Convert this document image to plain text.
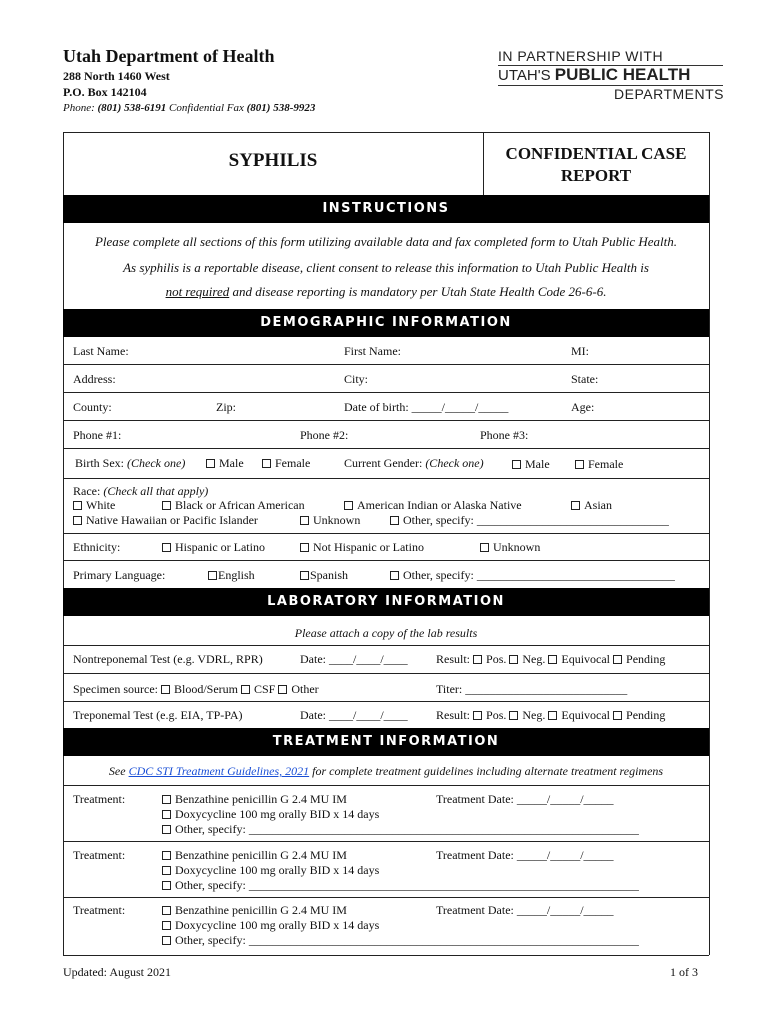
Utah Department of Health
288 North 1460 West
P.O. Box 142104
Phone: (801) 538-6191 Confidential Fax (801) 538-9923
IN PARTNERSHIP WITH
UTAH'S PUBLIC HEALTH
DEPARTMENTS
SYPHILIS	CONFIDENTIAL CASE REPORT
INSTRUCTIONS
Please complete all sections of this form utilizing available data and fax completed form to Utah Public Health.
As syphilis is a reportable disease, client consent to release this information to Utah Public Health is
not required and disease reporting is mandatory per Utah State Health Code 26-6-6.
DEMOGRAPHIC INFORMATION
Last Name:	First Name:	MI:
Address:	City:	State:
County:	Zip:	Date of birth: _____/_____/_____	Age:
Phone #1:	Phone #2:	Phone #3:
Birth Sex: (Check one)	Male	Female	Current Gender: (Check one)	Male	Female
Race: (Check all that apply)
White	Black or African American	American Indian or Alaska Native	Asian
Native Hawaiian or Pacific Islander	Unknown	Other, specify: ________________________________
Ethnicity:	Hispanic or Latino	Not Hispanic or Latino	Unknown
Primary Language:	English	Spanish	Other, specify: _________________________________
LABORATORY INFORMATION
Please attach a copy of the lab results
Nontreponemal Test (e.g. VDRL, RPR)	Date: ____/____/____ Result: Pos. Neg. Equivocal Pending
Specimen source: Blood/Serum CSF Other	Titer: ___________________________
Treponemal Test (e.g. EIA, TP-PA)	Date: ____/____/____ Result: Pos. Neg. Equivocal Pending
TREATMENT INFORMATION
See CDC STI Treatment Guidelines, 2021 for complete treatment guidelines including alternate treatment regimens
Treatment:	Benzathine penicillin G 2.4 MU IM
Doxycycline 100 mg orally BID x 14 days
Other, specify: _________________________________________________________________
Treatment Date: _____/_____/_____
Treatment:	Benzathine penicillin G 2.4 MU IM
Doxycycline 100 mg orally BID x 14 days
Other, specify: _________________________________________________________________
Treatment Date: _____/_____/_____
Treatment:	Benzathine penicillin G 2.4 MU IM
Doxycycline 100 mg orally BID x 14 days
Other, specify: _________________________________________________________________
Treatment Date: _____/_____/_____
Updated: August 2021	1 of 3
